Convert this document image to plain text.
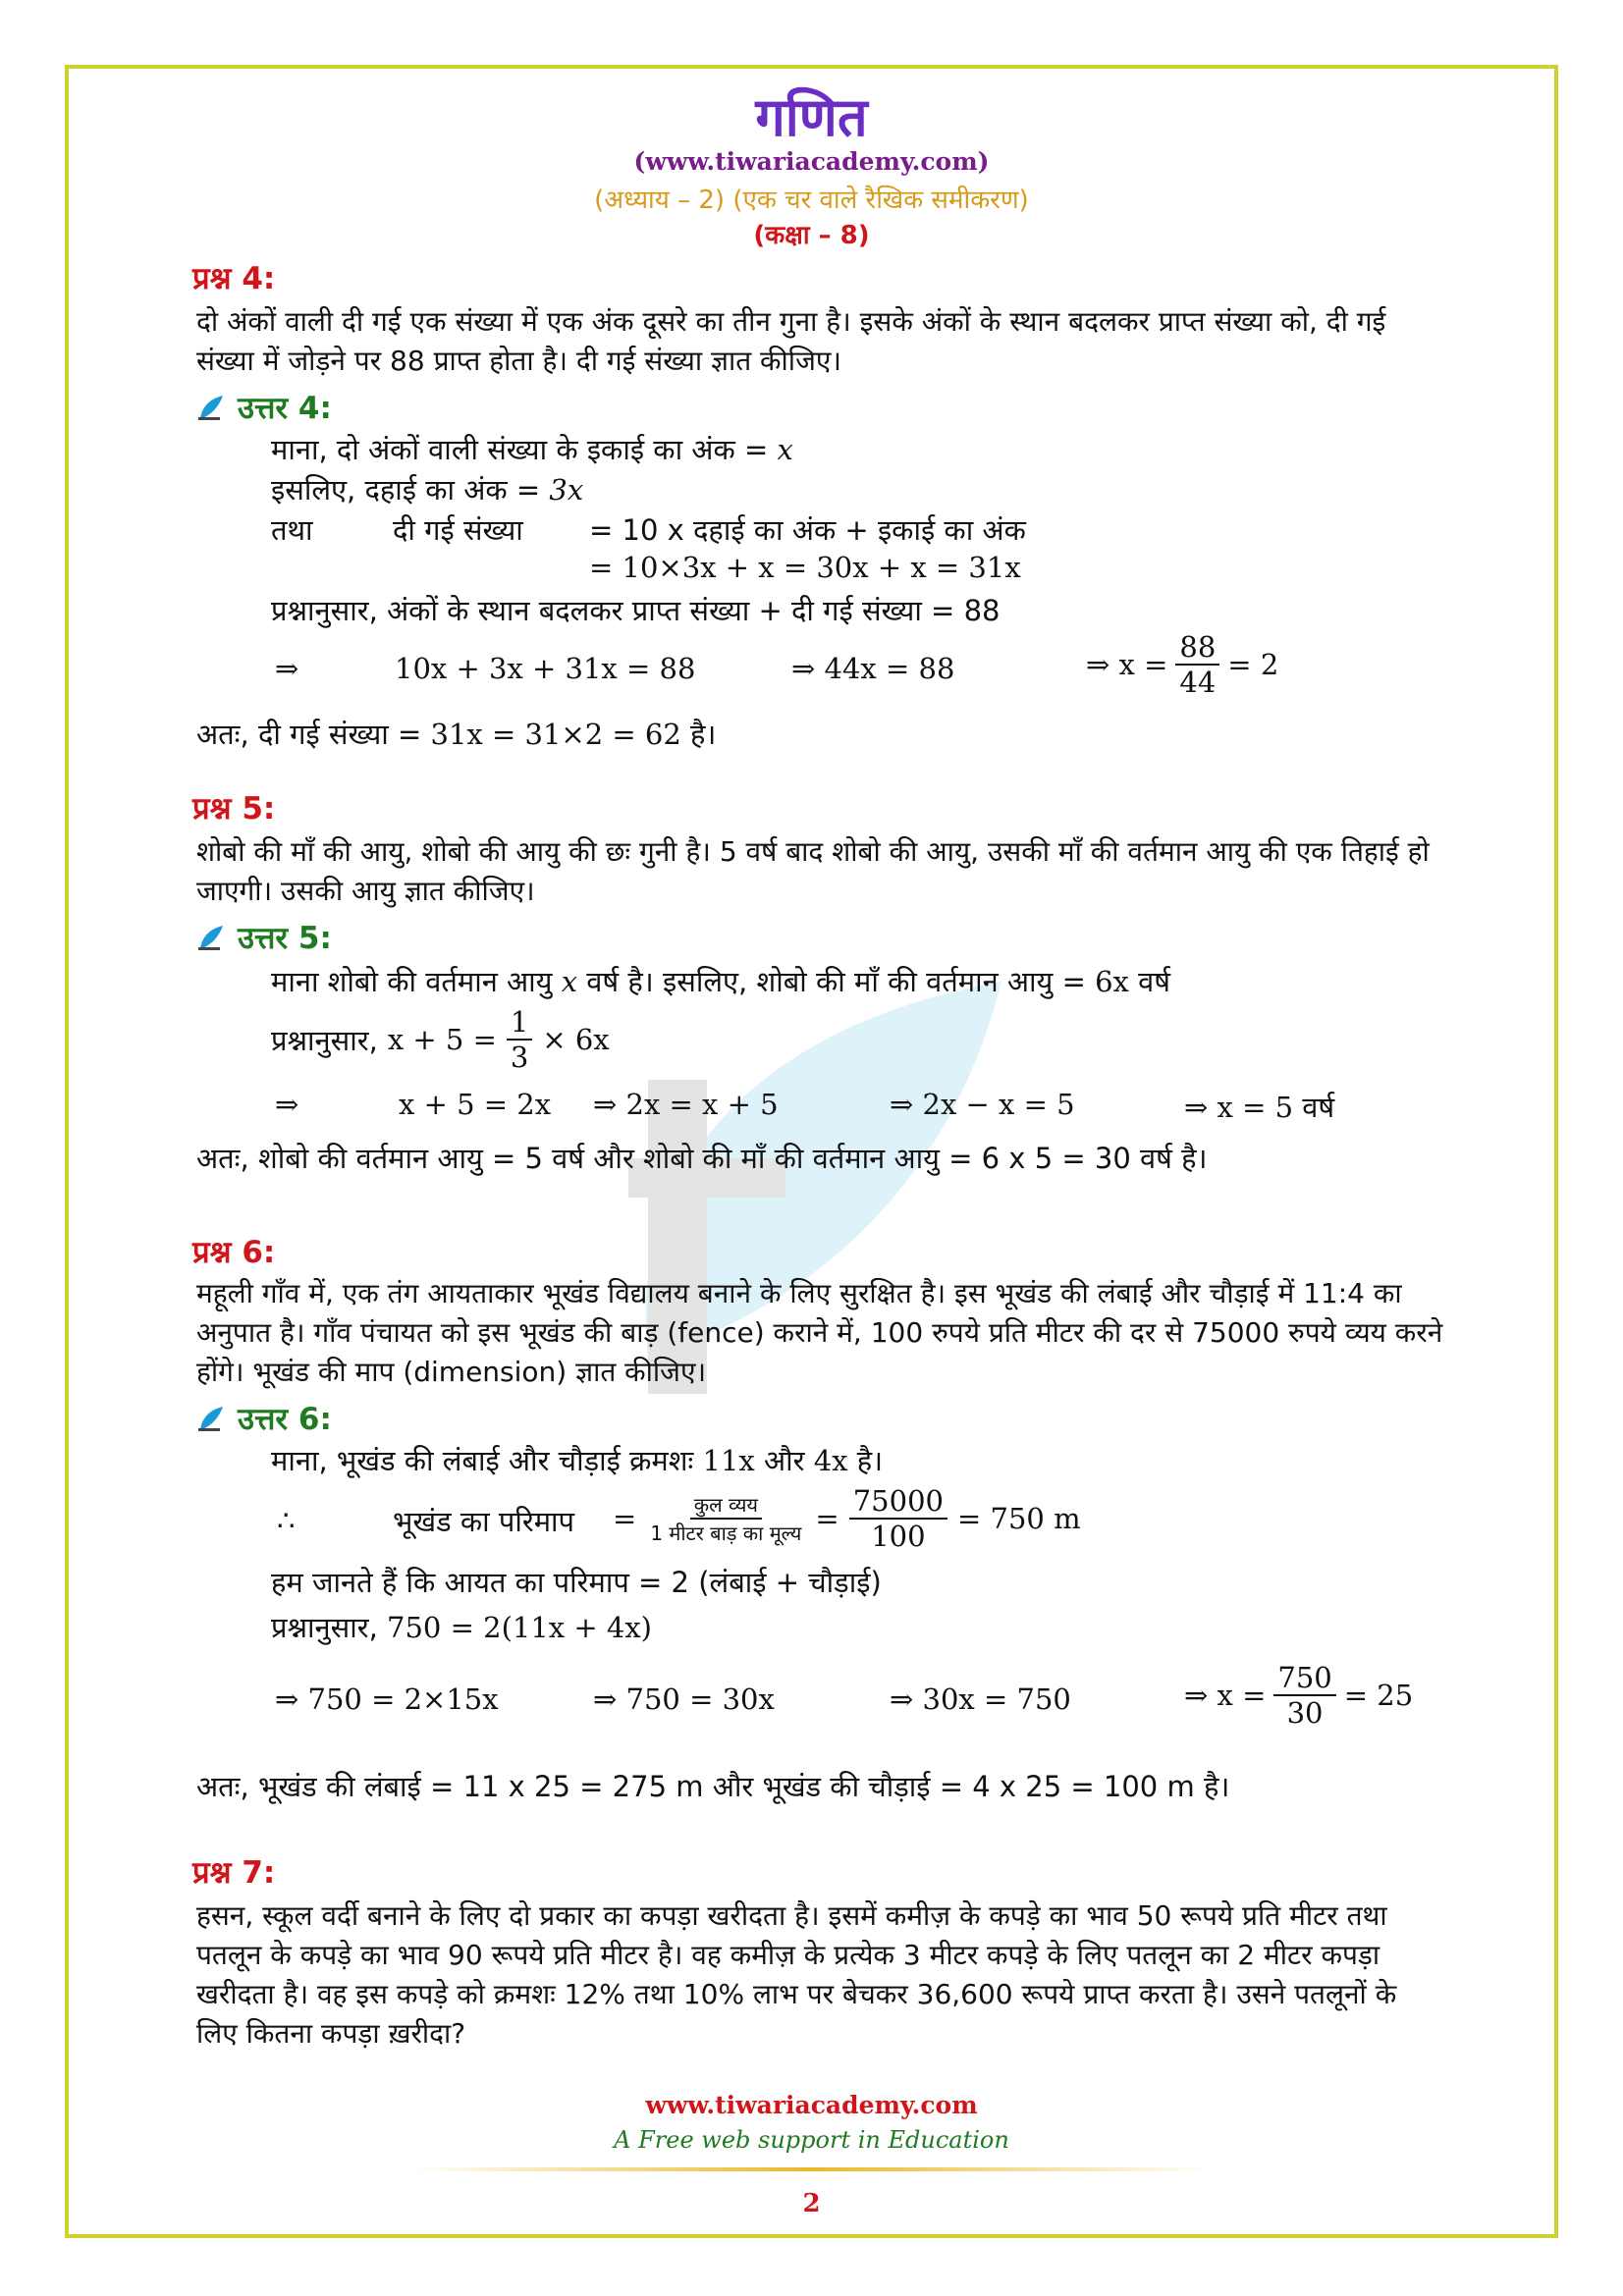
गणित
(www.tiwariacademy.com)
(अध्याय – 2) (एक चर वाले रैखिक समीकरण)
(कक्षा – 8)
प्रश्न 4:
दो अंकों वाली दी गई एक संख्या में एक अंक दूसरे का तीन गुना है। इसके अंकों के स्थान बदलकर प्राप्त संख्या को, दी गई संख्या में जोड़ने पर 88 प्राप्त होता है। दी गई संख्या ज्ञात कीजिए।
उत्तर 4:
माना, दो अंकों वाली संख्या के इकाई का अंक = x
इसलिए, दहाई का अंक = 3x
तथा	दी गई संख्या = 10 x दहाई का अंक + इकाई का अंक
= 10×3x + x = 30x + x = 31x
प्रश्नानुसार, अंकों के स्थान बदलकर प्राप्त संख्या + दी गई संख्या = 88
⇒	10x + 3x + 31x = 88	⇒ 44x = 88	⇒ $x = \frac{88}{44} = 2$
अतः, दी गई संख्या = 31x = 31×2 = 62 है।
प्रश्न 5:
शोबो की माँ की आयु, शोबो की आयु की छः गुनी है। 5 वर्ष बाद शोबो की आयु, उसकी माँ की वर्तमान आयु की एक तिहाई हो जाएगी। उसकी आयु ज्ञात कीजिए।
उत्तर 5:
माना शोबो की वर्तमान आयु x वर्ष है। इसलिए, शोबो की माँ की वर्तमान आयु = 6x वर्ष
प्रश्नानुसार, $x + 5 = \frac{1}{3} \times 6x$
⇒	x + 5 = 2x ⇒ 2x = x + 5	⇒ 2x − x = 5	⇒ x = 5 वर्ष
अतः, शोबो की वर्तमान आयु = 5 वर्ष और शोबो की माँ की वर्तमान आयु = 6 x 5 = 30 वर्ष है।
प्रश्न 6:
महूली गाँव में, एक तंग आयताकार भूखंड विद्यालय बनाने के लिए सुरक्षित है। इस भूखंड की लंबाई और चौड़ाई में 11:4 का अनुपात है। गाँव पंचायत को इस भूखंड की बाड़ (fence) कराने में, 100 रुपये प्रति मीटर की दर से 75000 रुपये व्यय करने होंगे। भूखंड की माप (dimension) ज्ञात कीजिए।
उत्तर 6:
माना, भूखंड की लंबाई और चौड़ाई क्रमशः 11x और 4x है।
∴	भूखंड का परिमाप = $\frac{\text{कुल व्यय}}{\text{1 मीटर बाड़ का मूल्य}} = \frac{75000}{100} = 750$ m
हम जानते हैं कि आयत का परिमाप = 2 (लंबाई + चौड़ाई)
प्रश्नानुसार, 750 = 2(11x + 4x)
⇒ 750 = 2×15x	⇒ 750 = 30x	⇒ 30x = 750	⇒ $x = \frac{750}{30} = 25$
अतः, भूखंड की लंबाई = 11 x 25 = 275 m और भूखंड की चौड़ाई = 4 x 25 = 100 m है।
प्रश्न 7:
हसन, स्कूल वर्दी बनाने के लिए दो प्रकार का कपड़ा खरीदता है। इसमें कमीज़ के कपड़े का भाव 50 रूपये प्रति मीटर तथा पतलून के कपड़े का भाव 90 रूपये प्रति मीटर है। वह कमीज़ के प्रत्येक 3 मीटर कपड़े के लिए पतलून का 2 मीटर कपड़ा खरीदता है। वह इस कपड़े को क्रमशः 12% तथा 10% लाभ पर बेचकर 36,600 रूपये प्राप्त करता है। उसने पतलूनों के लिए कितना कपड़ा ख़रीदा?
www.tiwariacademy.com
A Free web support in Education
2
